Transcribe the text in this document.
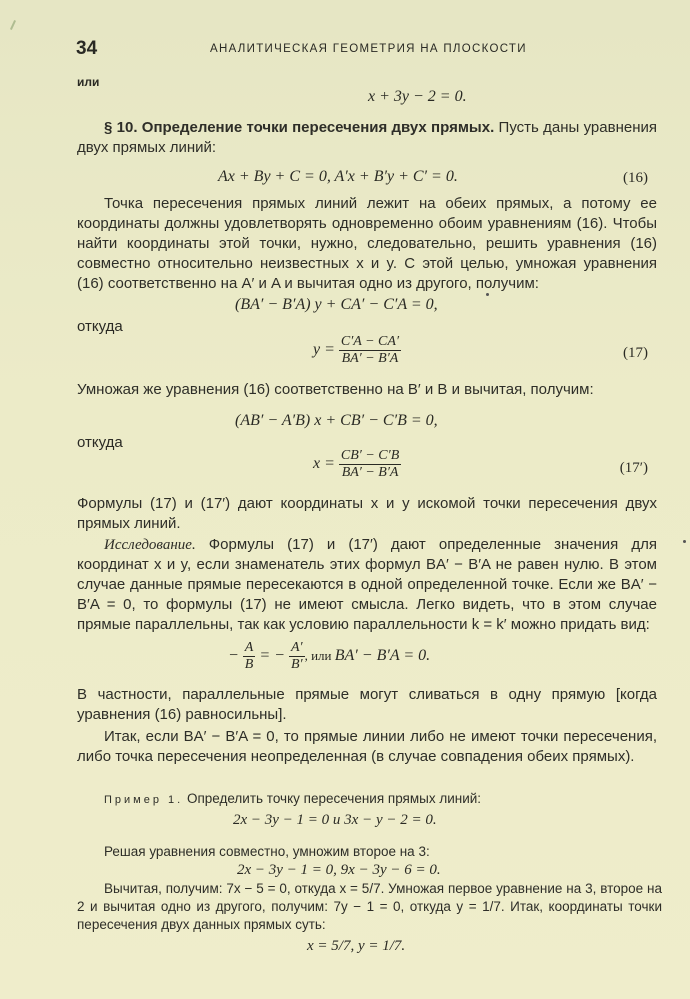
34	АНАЛИТИЧЕСКАЯ ГЕОМЕТРИЯ НА ПЛОСКОСТИ
или
x + 3y − 2 = 0.
§ 10. Определение точки пересечения двух прямых. Пусть даны уравнения двух прямых линий:
Ax + By + C = 0, A′x + B′y + C′ = 0.	(16)
Точка пересечения прямых линий лежит на обеих прямых, а потому ее координаты должны удовлетворять одновременно обоим уравнениям (16). Чтобы найти координаты этой точки, нужно, следовательно, решить уравнения (16) совместно относительно неизвестных x и y. С этой целью, умножая уравнения (16) соответственно на A′ и A и вычитая одно из другого, получим:
(BA′ − B′A) y + CA′ − C′A = 0,
откуда
$y = \frac{C'A - CA'}{BA' - B'A}$	(17)
Умножая же уравнения (16) соответственно на B′ и B и вычитая, получим:
(AB′ − A′B) x + CB′ − C′B = 0,
откуда
$x = \frac{CB' - C'B}{BA' - B'A}$	(17′)
Формулы (17) и (17′) дают координаты x и y искомой точки пересечения двух прямых линий.
Исследование. Формулы (17) и (17′) дают определенные значения для координат x и y, если знаменатель этих формул BA′ − B′A не равен нулю. В этом случае данные прямые пересекаются в одной определенной точке. Если же BA′ − B′A = 0, то формулы (17) не имеют смысла. Легко видеть, что в этом случае прямые параллельны, так как условию параллельности k = k′ можно придать вид:
− $\frac{A}{B}$ = − $\frac{A'}{B'}$ , или BA′ − B′A = 0.
В частности, параллельные прямые могут сливаться в одну прямую [когда уравнения (16) равносильны].
Итак, если BA′ − B′A = 0, то прямые линии либо не имеют точки пересечения, либо точка пересечения неопределенная (в случае совпадения обеих прямых).
Пример 1. Определить точку пересечения прямых линий:
2x − 3y − 1 = 0 и 3x − y − 2 = 0.
Решая уравнения совместно, умножим второе на 3:
2x − 3y − 1 = 0, 9x − 3y − 6 = 0.
Вычитая, получим: 7x − 5 = 0, откуда x = 5/7. Умножая первое уравнение на 3, второе на 2 и вычитая одно из другого, получим: 7y − 1 = 0, откуда y = 1/7. Итак, координаты точки пересечения двух данных прямых суть:
x = 5/7, y = 1/7.
